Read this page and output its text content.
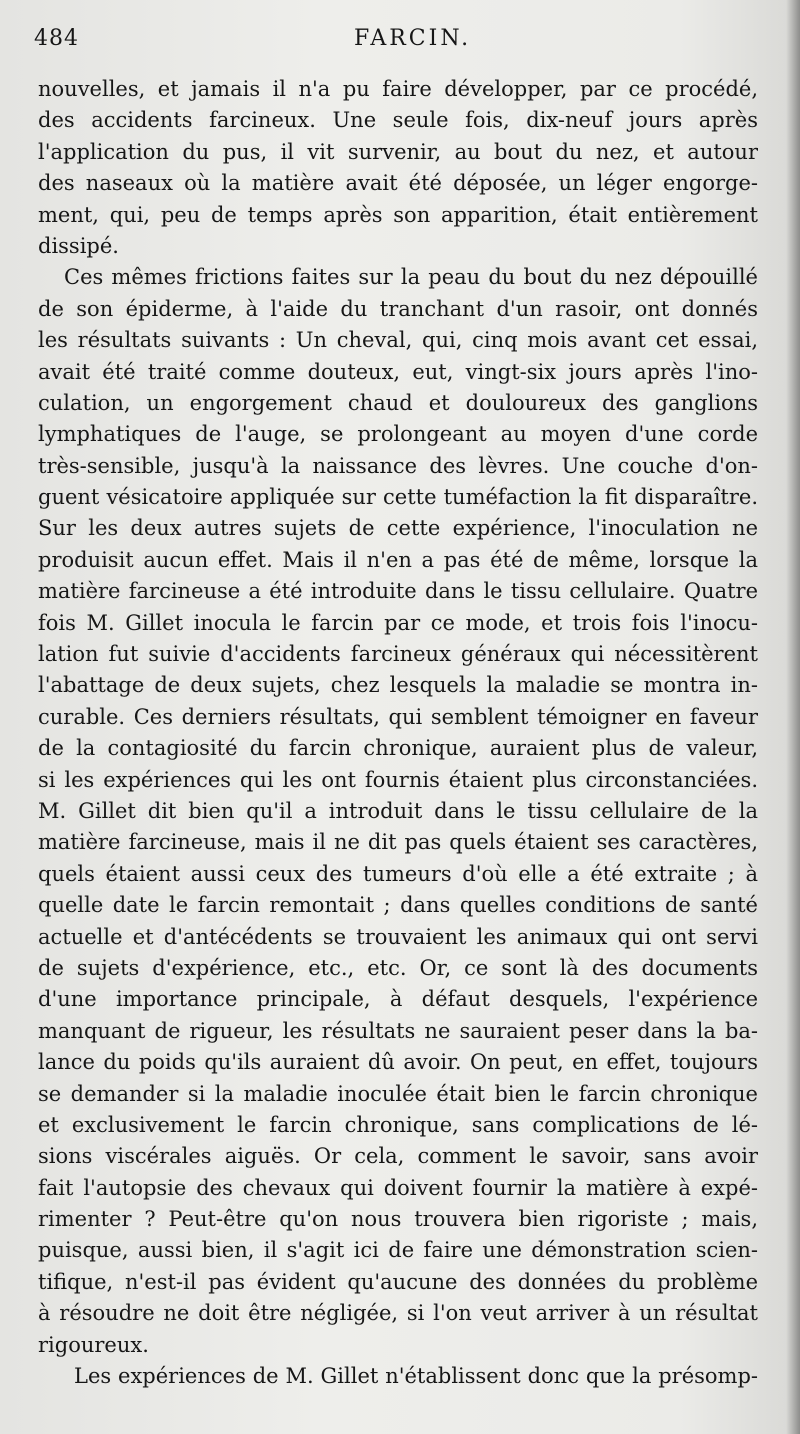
484	FARCIN.
nouvelles, et jamais il n'a pu faire développer, par ce procédé,
des accidents farcineux. Une seule fois, dix-neuf jours après
l'application du pus, il vit survenir, au bout du nez, et autour
des naseaux où la matière avait été déposée, un léger engorge-
ment, qui, peu de temps après son apparition, était entièrement
dissipé.
Ces mêmes frictions faites sur la peau du bout du nez dépouillé
de son épiderme, à l'aide du tranchant d'un rasoir, ont donnés
les résultats suivants : Un cheval, qui, cinq mois avant cet essai,
avait été traité comme douteux, eut, vingt-six jours après l'ino-
culation, un engorgement chaud et douloureux des ganglions
lymphatiques de l'auge, se prolongeant au moyen d'une corde
très-sensible, jusqu'à la naissance des lèvres. Une couche d'on-
guent vésicatoire appliquée sur cette tuméfaction la fit disparaître.
Sur les deux autres sujets de cette expérience, l'inoculation ne
produisit aucun effet. Mais il n'en a pas été de même, lorsque la
matière farcineuse a été introduite dans le tissu cellulaire. Quatre
fois M. Gillet inocula le farcin par ce mode, et trois fois l'inocu-
lation fut suivie d'accidents farcineux généraux qui nécessitèrent
l'abattage de deux sujets, chez lesquels la maladie se montra in-
curable. Ces derniers résultats, qui semblent témoigner en faveur
de la contagiosité du farcin chronique, auraient plus de valeur,
si les expériences qui les ont fournis étaient plus circonstanciées.
M. Gillet dit bien qu'il a introduit dans le tissu cellulaire de la
matière farcineuse, mais il ne dit pas quels étaient ses caractères,
quels étaient aussi ceux des tumeurs d'où elle a été extraite ; à
quelle date le farcin remontait ; dans quelles conditions de santé
actuelle et d'antécédents se trouvaient les animaux qui ont servi
de sujets d'expérience, etc., etc. Or, ce sont là des documents
d'une importance principale, à défaut desquels, l'expérience
manquant de rigueur, les résultats ne sauraient peser dans la ba-
lance du poids qu'ils auraient dû avoir. On peut, en effet, toujours
se demander si la maladie inoculée était bien le farcin chronique
et exclusivement le farcin chronique, sans complications de lé-
sions viscérales aiguës. Or cela, comment le savoir, sans avoir
fait l'autopsie des chevaux qui doivent fournir la matière à expé-
rimenter ? Peut-être qu'on nous trouvera bien rigoriste ; mais,
puisque, aussi bien, il s'agit ici de faire une démonstration scien-
tifique, n'est-il pas évident qu'aucune des données du problème
à résoudre ne doit être négligée, si l'on veut arriver à un résultat
rigoureux.
Les expériences de M. Gillet n'établissent donc que la présomp-
